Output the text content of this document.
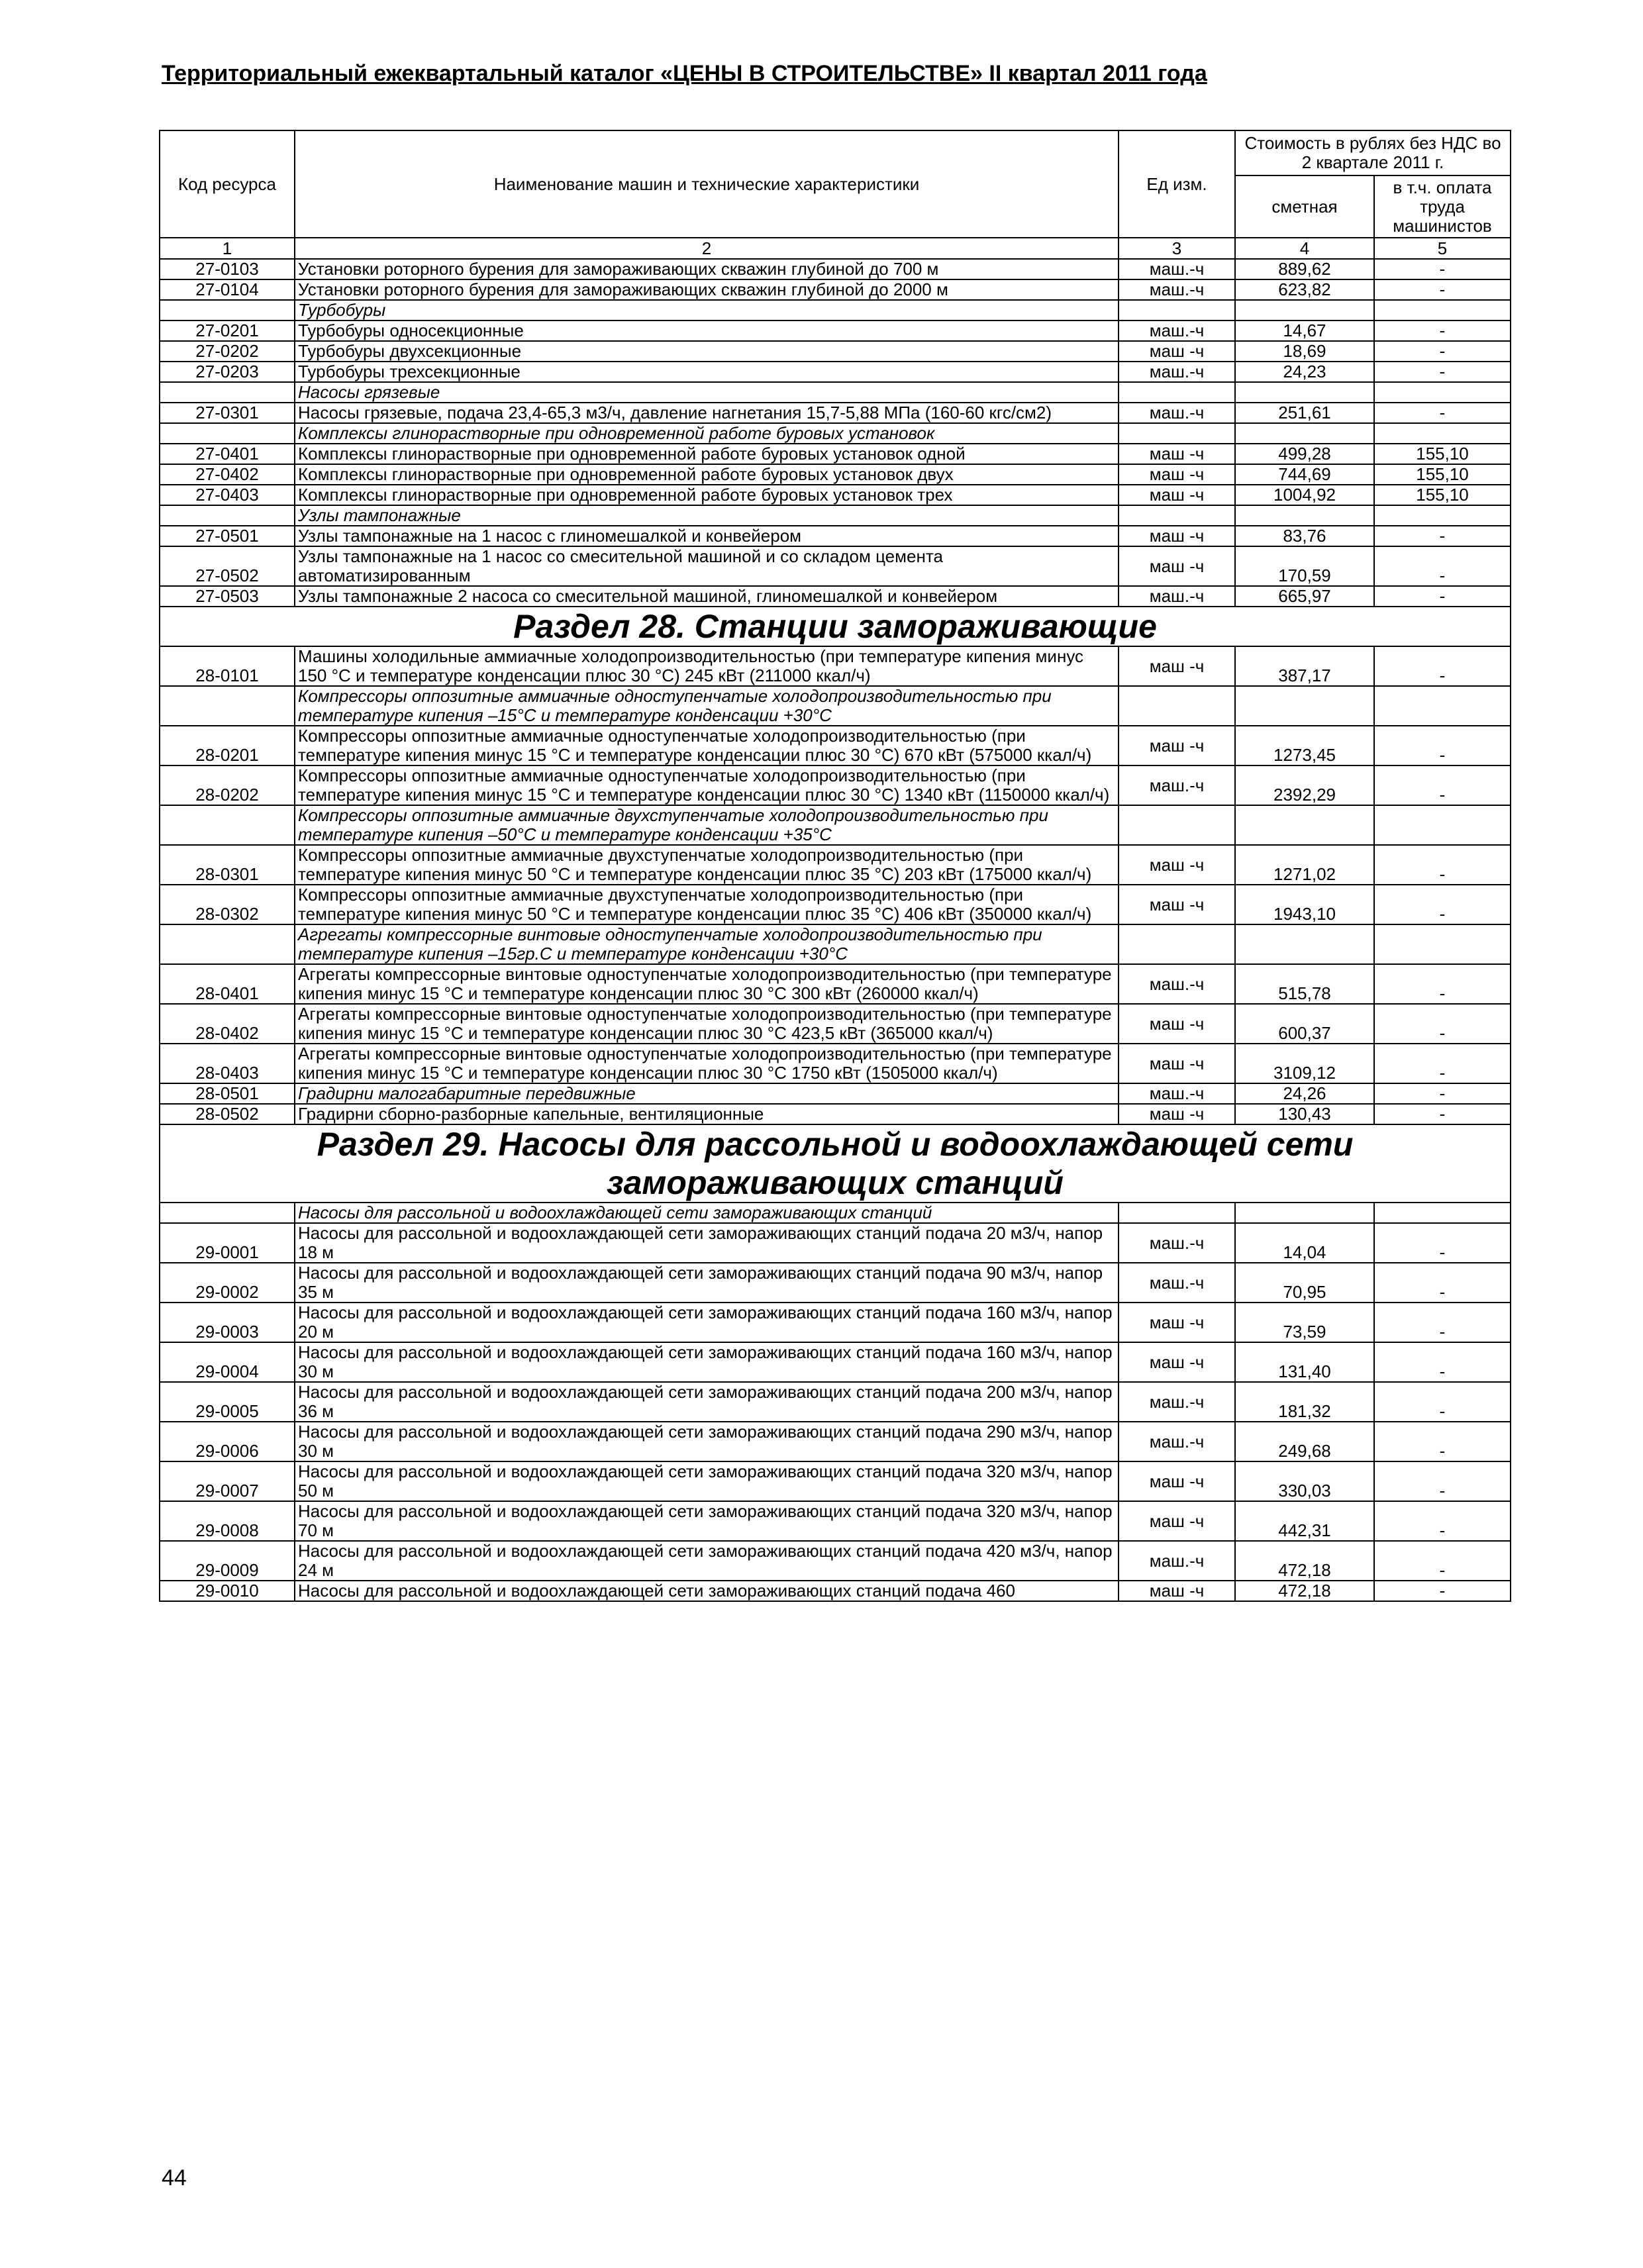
Территориальный ежеквартальный каталог «ЦЕНЫ В СТРОИТЕЛЬСТВЕ» II квартал 2011 года
Код ресурса	Наименование машин и технические характеристики	Ед изм.	Стоимость в рублях без НДС во 2 квартале 2011 г.	
			сметная	в т.ч. оплата труда машинистов
1	2	3	4	5
27-0103	Установки роторного бурения для замораживающих скважин глубиной до 700 м	маш.-ч	889,62	-
27-0104	Установки роторного бурения для замораживающих скважин глубиной до 2000 м	маш.-ч	623,82	-
	Турбобуры			
27-0201	Турбобуры односекционные	маш.-ч	14,67	-
27-0202	Турбобуры двухсекционные	маш -ч	18,69	-
27-0203	Турбобуры трехсекционные	маш.-ч	24,23	-
	Насосы грязевые			
27-0301	Насосы грязевые, подача 23,4-65,3 м3/ч, давление нагнетания 15,7-5,88 МПа (160-60 кгс/см2)	маш.-ч	251,61	-
	Комплексы глинорастворные при одновременной работе буровых установок			
27-0401	Комплексы глинорастворные при одновременной работе буровых установок одной	маш -ч	499,28	155,10
27-0402	Комплексы глинорастворные при одновременной работе буровых установок двух	маш -ч	744,69	155,10
27-0403	Комплексы глинорастворные при одновременной работе буровых установок трех	маш -ч	1004,92	155,10
	Узлы тампонажные			
27-0501	Узлы тампонажные на 1 насос с глиномешалкой и конвейером	маш -ч	83,76	-
27-0502	Узлы тампонажные на 1 насос со смесительной машиной и со складом цемента автоматизированным	маш -ч	170,59	-
27-0503	Узлы тампонажные 2 насоса со смесительной машиной, глиномешалкой и конвейером	маш.-ч	665,97	-
Раздел 28. Станции замораживающие				
28-0101	Машины холодильные аммиачные холодопроизводительностью (при температуре кипения минус 150 °С и температуре конденсации плюс 30 °С) 245 кВт (211000 ккал/ч)	маш -ч	387,17	-
	Компрессоры оппозитные аммиачные одноступенчатые холодопроизводительностью при температуре кипения –15°С и температуре конденсации +30°С			
28-0201	Компрессоры оппозитные аммиачные одноступенчатые холодопроизводительностью (при температуре кипения минус 15 °С и температуре конденсации плюс 30 °С) 670 кВт (575000 ккал/ч)	маш -ч	1273,45	-
28-0202	Компрессоры оппозитные аммиачные одноступенчатые холодопроизводительностью (при температуре кипения минус 15 °С и температуре конденсации плюс 30 °С) 1340 кВт (1150000 ккал/ч)	маш.-ч	2392,29	-
	Компрессоры оппозитные аммиачные двухступенчатые холодопроизводительностью при температуре кипения –50°С и температуре конденсации +35°С			
28-0301	Компрессоры оппозитные аммиачные двухступенчатые холодопроизводительностью (при температуре кипения минус 50 °С и температуре конденсации плюс 35 °С) 203 кВт (175000 ккал/ч)	маш -ч	1271,02	-
28-0302	Компрессоры оппозитные аммиачные двухступенчатые холодопроизводительностью (при температуре кипения минус 50 °С и температуре конденсации плюс 35 °С) 406 кВт (350000 ккал/ч)	маш -ч	1943,10	-
	Агрегаты компрессорные винтовые одноступенчатые холодопроизводительностью при температуре кипения –15гр.С и температуре конденсации +30°С			
28-0401	Агрегаты компрессорные винтовые одноступенчатые холодопроизводительностью (при температуре кипения минус 15 °С и температуре конденсации плюс 30 °С 300 кВт (260000 ккал/ч)	маш.-ч	515,78	-
28-0402	Агрегаты компрессорные винтовые одноступенчатые холодопроизводительностью (при температуре кипения минус 15 °С и температуре конденсации плюс 30 °С 423,5 кВт (365000 ккал/ч)	маш -ч	600,37	-
28-0403	Агрегаты компрессорные винтовые одноступенчатые холодопроизводительностью (при температуре кипения минус 15 °С и температуре конденсации плюс 30 °С 1750 кВт (1505000 ккал/ч)	маш -ч	3109,12	-
28-0501	Градирни малогабаритные передвижные	маш.-ч	24,26	-
28-0502	Градирни сборно-разборные капельные, вентиляционные	маш -ч	130,43	-
Раздел 29. Насосы для рассольной и водоохлаждающей сети замораживающих станций				
	Насосы для рассольной и водоохлаждающей сети замораживающих станций			
29-0001	Насосы для рассольной и водоохлаждающей сети замораживающих станций подача 20 м3/ч, напор 18 м	маш.-ч	14,04	-
29-0002	Насосы для рассольной и водоохлаждающей сети замораживающих станций подача 90 м3/ч, напор 35 м	маш.-ч	70,95	-
29-0003	Насосы для рассольной и водоохлаждающей сети замораживающих станций подача 160 м3/ч, напор 20 м	маш -ч	73,59	-
29-0004	Насосы для рассольной и водоохлаждающей сети замораживающих станций подача 160 м3/ч, напор 30 м	маш -ч	131,40	-
29-0005	Насосы для рассольной и водоохлаждающей сети замораживающих станций подача 200 м3/ч, напор 36 м	маш.-ч	181,32	-
29-0006	Насосы для рассольной и водоохлаждающей сети замораживающих станций подача 290 м3/ч, напор 30 м	маш.-ч	249,68	-
29-0007	Насосы для рассольной и водоохлаждающей сети замораживающих станций подача 320 м3/ч, напор 50 м	маш -ч	330,03	-
29-0008	Насосы для рассольной и водоохлаждающей сети замораживающих станций подача 320 м3/ч, напор 70 м	маш -ч	442,31	-
29-0009	Насосы для рассольной и водоохлаждающей сети замораживающих станций подача 420 м3/ч, напор 24 м	маш.-ч	472,18	-
29-0010	Насосы для рассольной и водоохлаждающей сети замораживающих станций подача 460	маш -ч	472,18	-
44
